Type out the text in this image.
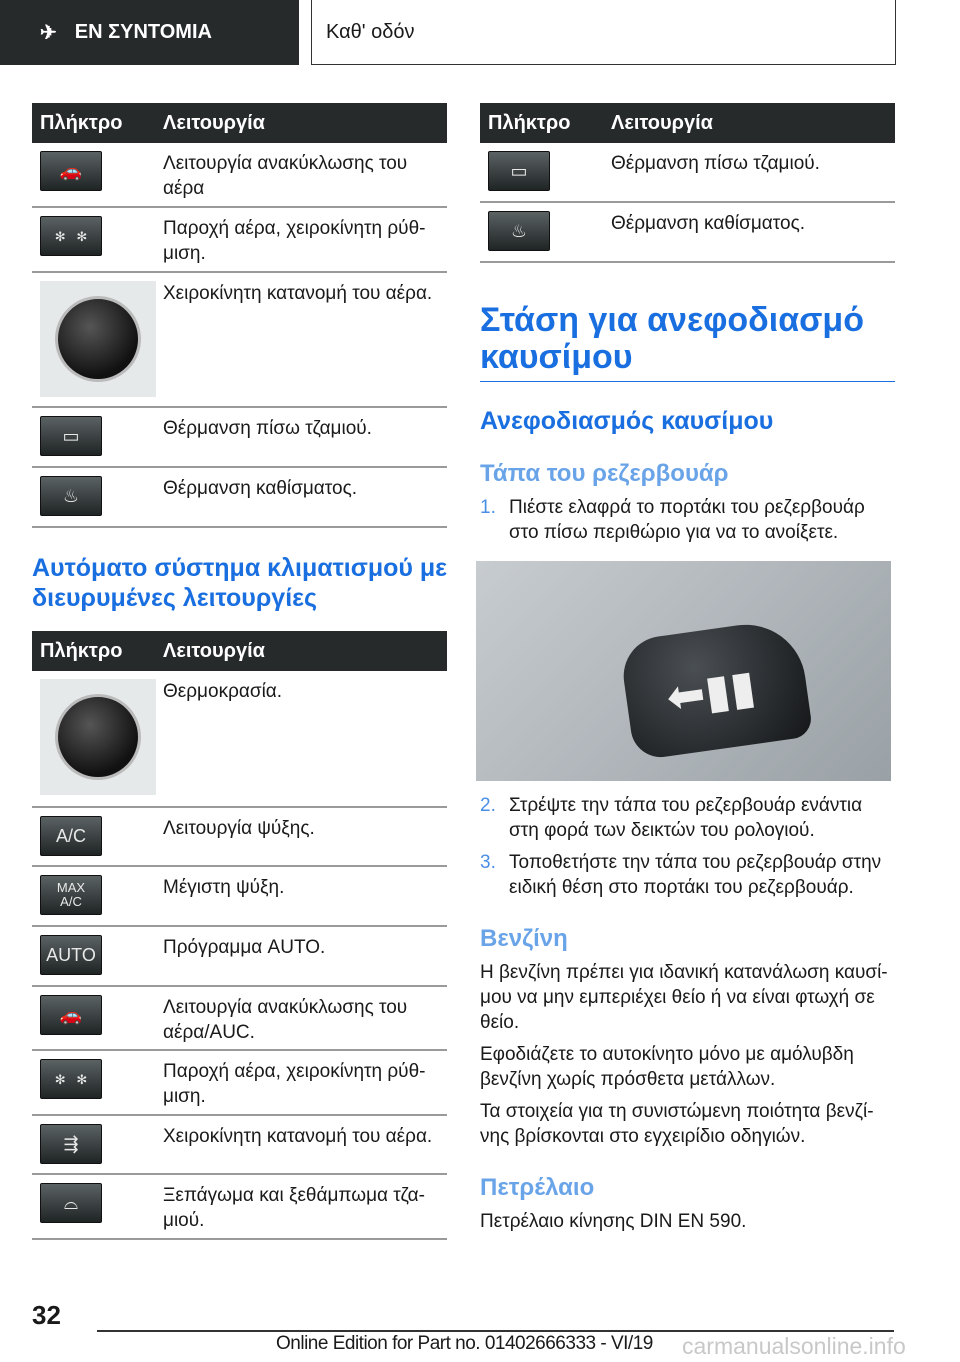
✈ ΕΝ ΣΥΝΤΟΜΙΑ	Καθ' οδόν
Πλήκτρο	Λειτουργία

🚗	Λειτουργία ανακύκλωσης του αέρα

✻   ✻	Παροχή αέρα, χειροκίνητη ρύθ-μιση.

	Χειροκίνητη κατανομή του αέρα.

▭	Θέρμανση πίσω τζαμιού.

♨	Θέρμανση καθίσματος.
Αυτόματο σύστημα κλιματισμού με διευρυμένες λειτουργίες
Πλήκτρο	Λειτουργία

	Θερμοκρασία.

A/C	Λειτουργία ψύξης.

MAX A/C	Μέγιστη ψύξη.

AUTO	Πρόγραμμα AUTO.

🚗	Λειτουργία ανακύκλωσης του αέρα/AUC.

✻   ✻	Παροχή αέρα, χειροκίνητη ρύθ-μιση.

⇶	Χειροκίνητη κατανομή του αέρα.

⌓	Ξεπάγωμα και ξεθάμπωμα τζα-μιού.
Πλήκτρο	Λειτουργία

▭	Θέρμανση πίσω τζαμιού.

♨	Θέρμανση καθίσματος.
Στάση για ανεφοδιασμό καυσίμου
Ανεφοδιασμός καυσίμου
Τάπα του ρεζερβουάρ
1. Πιέστε ελαφρά το πορτάκι του ρεζερβουάρ στο πίσω περιθώριο για να το ανοίξετε.
⬅▮▮
2. Στρέψτε την τάπα του ρεζερβουάρ ενάντια στη φορά των δεικτών του ρολογιού.
3. Τοποθετήστε την τάπα του ρεζερβουάρ στην ειδική θέση στο πορτάκι του ρεζερβουάρ.
Βενζίνη
Η βενζίνη πρέπει για ιδανική κατανάλωση καυσί-μου να μην εμπεριέχει θείο ή να είναι φτωχή σε θείο.
Εφοδιάζετε το αυτοκίνητο μόνο με αμόλυβδη βενζίνη χωρίς πρόσθετα μετάλλων.
Τα στοιχεία για τη συνιστώμενη ποιότητα βενζί-νης βρίσκονται στο εγχειρίδιο οδηγιών.
Πετρέλαιο
Πετρέλαιο κίνησης DIN EN 590.
32
Online Edition for Part no. 01402666333 - VI/19 carmanualsonline.info
